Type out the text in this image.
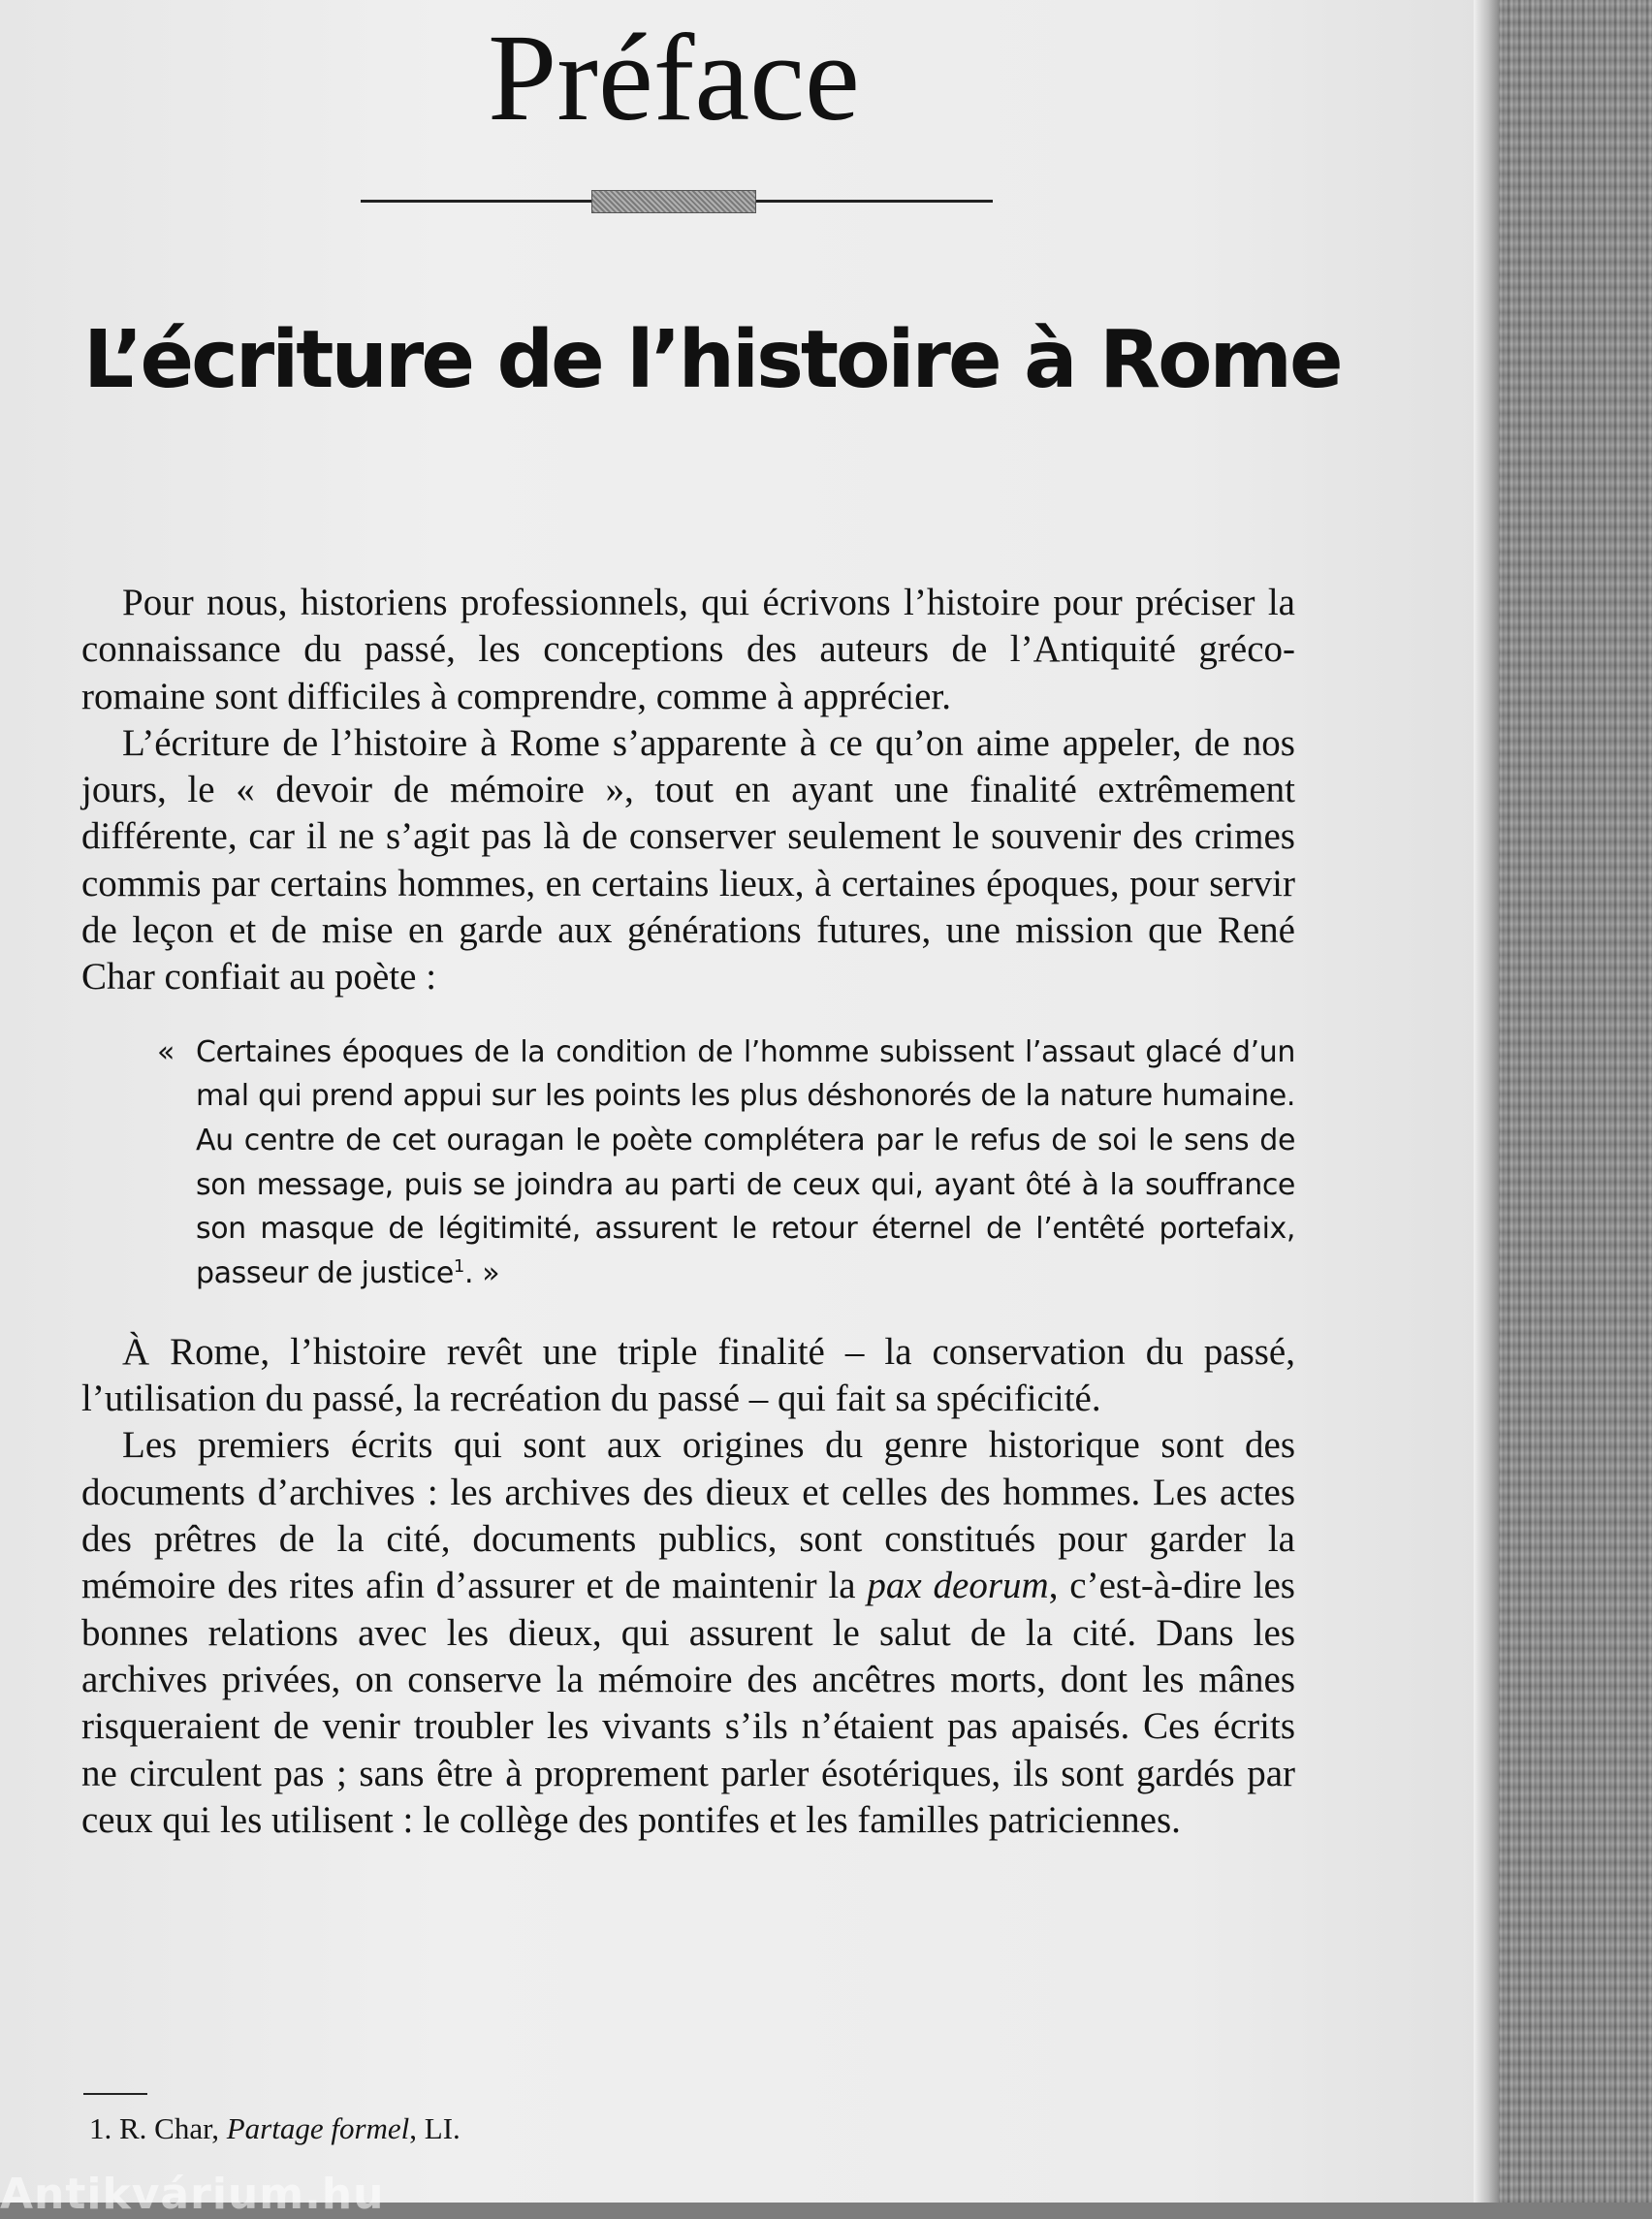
Préface
L’écriture de l’histoire à Rome

Pour nous, historiens professionnels, qui écrivons l’histoire pour préciser la connaissance du passé, les conceptions des auteurs de l’Antiquité gréco-romaine sont difficiles à comprendre, comme à apprécier.

L’écriture de l’histoire à Rome s’apparente à ce qu’on aime appeler, de nos jours, le « devoir de mémoire », tout en ayant une finalité extrêmement différente, car il ne s’agit pas là de conserver seulement le souvenir des crimes commis par certains hommes, en certains lieux, à certaines époques, pour servir de leçon et de mise en garde aux générations futures, une mission que René Char confiait au poète :

« Certaines époques de la condition de l’homme subissent l’assaut glacé d’un mal qui prend appui sur les points les plus déshonorés de la nature humaine. Au centre de cet ouragan le poète complétera par le refus de soi le sens de son message, puis se joindra au parti de ceux qui, ayant ôté à la souffrance son masque de légitimité, assurent le retour éternel de l’entêté portefaix, passeur de justice$^1$. »

À Rome, l’histoire revêt une triple finalité – la conservation du passé, l’utilisation du passé, la recréation du passé – qui fait sa spécificité.

Les premiers écrits qui sont aux origines du genre historique sont des documents d’archives : les archives des dieux et celles des hommes. Les actes des prêtres de la cité, documents publics, sont constitués pour garder la mémoire des rites afin d’assurer et de maintenir la pax deorum, c’est-à-dire les bonnes relations avec les dieux, qui assurent le salut de la cité. Dans les archives privées, on conserve la mémoire des ancêtres morts, dont les mânes risqueraient de venir troubler les vivants s’ils n’étaient pas apaisés. Ces écrits ne circulent pas ; sans être à proprement parler ésotériques, ils sont gardés par ceux qui les utilisent : le collège des pontifes et les familles patriciennes.

1. R. Char, Partage formel, LI.

Antikvárium.hu
